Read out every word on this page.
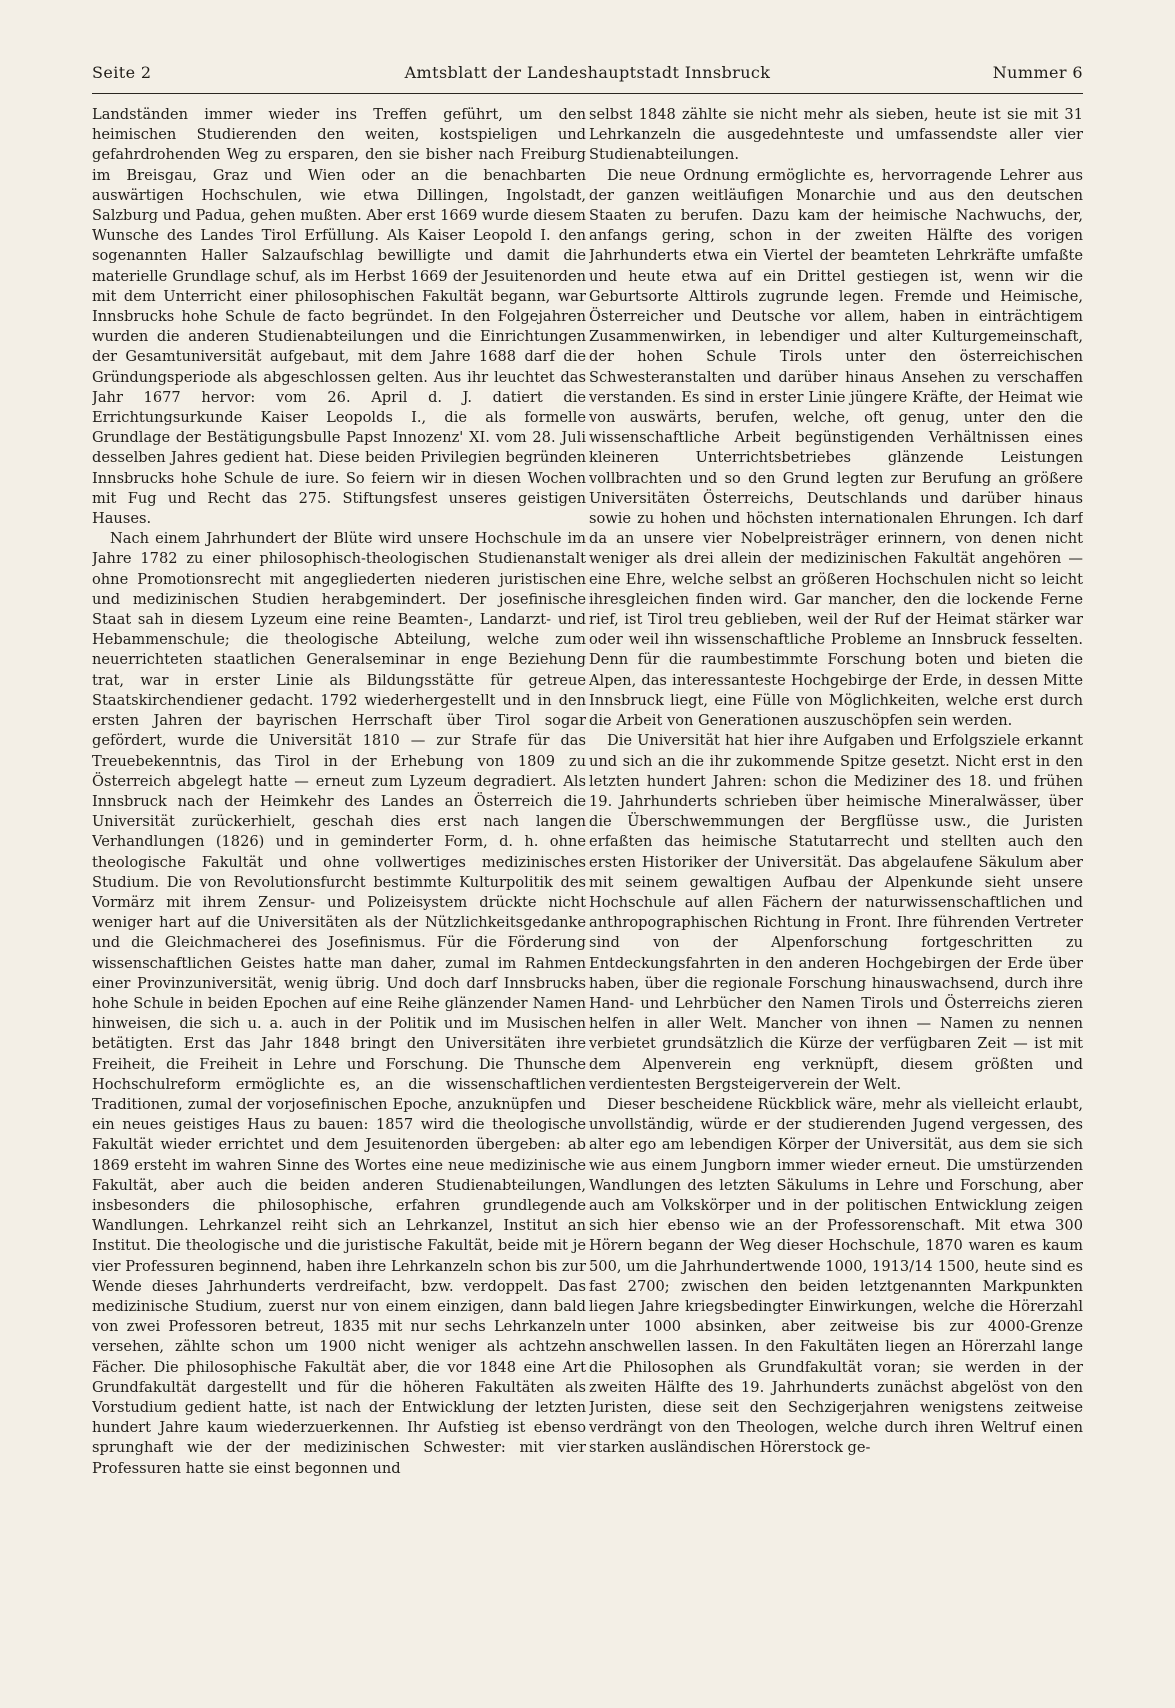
Seite 2	Amtsblatt der Landeshauptstadt Innsbruck	Nummer 6

Landständen immer wieder ins Treffen geführt, um den heimischen Studierenden den weiten, kostspieligen und gefahrdrohenden Weg zu ersparen, den sie bisher nach Freiburg im Breisgau, Graz und Wien oder an die benachbarten auswärtigen Hochschulen, wie etwa Dillingen, Ingolstadt, Salzburg und Padua, gehen mußten. Aber erst 1669 wurde diesem Wunsche des Landes Tirol Erfüllung. Als Kaiser Leopold I. den sogenannten Haller Salzaufschlag bewilligte und damit die materielle Grundlage schuf, als im Herbst 1669 der Jesuitenorden mit dem Unterricht einer philosophischen Fakultät begann, war Innsbrucks hohe Schule de facto begründet. In den Folgejahren wurden die anderen Studienabteilungen und die Einrichtungen der Gesamtuniversität aufgebaut, mit dem Jahre 1688 darf die Gründungsperiode als abgeschlossen gelten. Aus ihr leuchtet das Jahr 1677 hervor: vom 26. April d. J. datiert die Errichtungsurkunde Kaiser Leopolds I., die als formelle Grundlage der Bestätigungsbulle Papst Innozenz' XI. vom 28. Juli desselben Jahres gedient hat. Diese beiden Privilegien begründen Innsbrucks hohe Schule de iure. So feiern wir in diesen Wochen mit Fug und Recht das 275. Stiftungsfest unseres geistigen Hauses.

Nach einem Jahrhundert der Blüte wird unsere Hochschule im Jahre 1782 zu einer philosophisch-theologischen Studienanstalt ohne Promotionsrecht mit angegliederten niederen juristischen und medizinischen Studien herabgemindert. Der josefinische Staat sah in diesem Lyzeum eine reine Beamten-, Landarzt- und Hebammenschule; die theologische Abteilung, welche zum neuerrichteten staatlichen Generalseminar in enge Beziehung trat, war in erster Linie als Bildungsstätte für getreue Staatskirchendiener gedacht. 1792 wiederhergestellt und in den ersten Jahren der bayrischen Herrschaft über Tirol sogar gefördert, wurde die Universität 1810 — zur Strafe für das Treuebekenntnis, das Tirol in der Erhebung von 1809 zu Österreich abgelegt hatte — erneut zum Lyzeum degradiert. Als Innsbruck nach der Heimkehr des Landes an Österreich die Universität zurückerhielt, geschah dies erst nach langen Verhandlungen (1826) und in geminderter Form, d. h. ohne theologische Fakultät und ohne vollwertiges medizinisches Studium. Die von Revolutionsfurcht bestimmte Kulturpolitik des Vormärz mit ihrem Zensur- und Polizeisystem drückte nicht weniger hart auf die Universitäten als der Nützlichkeitsgedanke und die Gleichmacherei des Josefinismus. Für die Förderung wissenschaftlichen Geistes hatte man daher, zumal im Rahmen einer Provinzuniversität, wenig übrig. Und doch darf Innsbrucks hohe Schule in beiden Epochen auf eine Reihe glänzender Namen hinweisen, die sich u. a. auch in der Politik und im Musischen betätigten. Erst das Jahr 1848 bringt den Universitäten ihre Freiheit, die Freiheit in Lehre und Forschung. Die Thunsche Hochschulreform ermöglichte es, an die wissenschaftlichen Traditionen, zumal der vorjosefinischen Epoche, anzuknüpfen und ein neues geistiges Haus zu bauen: 1857 wird die theologische Fakultät wieder errichtet und dem Jesuitenorden übergeben: ab 1869 ersteht im wahren Sinne des Wortes eine neue medizinische Fakultät, aber auch die beiden anderen Studienabteilungen, insbesonders die philosophische, erfahren grundlegende Wandlungen. Lehrkanzel reiht sich an Lehrkanzel, Institut an Institut. Die theologische und die juristische Fakultät, beide mit je vier Professuren beginnend, haben ihre Lehrkanzeln schon bis zur Wende dieses Jahrhunderts verdreifacht, bzw. verdoppelt. Das medizinische Studium, zuerst nur von einem einzigen, dann bald von zwei Professoren betreut, 1835 mit nur sechs Lehrkanzeln versehen, zählte schon um 1900 nicht weniger als achtzehn Fächer. Die philosophische Fakultät aber, die vor 1848 eine Art Grundfakultät dargestellt und für die höheren Fakultäten als Vorstudium gedient hatte, ist nach der Entwicklung der letzten hundert Jahre kaum wiederzuerkennen. Ihr Aufstieg ist ebenso sprunghaft wie der der medizinischen Schwester: mit vier Professuren hatte sie einst begonnen und

selbst 1848 zählte sie nicht mehr als sieben, heute ist sie mit 31 Lehrkanzeln die ausgedehnteste und umfassendste aller vier Studienabteilungen.

Die neue Ordnung ermöglichte es, hervorragende Lehrer aus der ganzen weitläufigen Monarchie und aus den deutschen Staaten zu berufen. Dazu kam der heimische Nachwuchs, der, anfangs gering, schon in der zweiten Hälfte des vorigen Jahrhunderts etwa ein Viertel der beamteten Lehrkräfte umfaßte und heute etwa auf ein Drittel gestiegen ist, wenn wir die Geburtsorte Alttirols zugrunde legen. Fremde und Heimische, Österreicher und Deutsche vor allem, haben in einträchtigem Zusammenwirken, in lebendiger und alter Kulturgemeinschaft, der hohen Schule Tirols unter den österreichischen Schwesteranstalten und darüber hinaus Ansehen zu verschaffen verstanden. Es sind in erster Linie jüngere Kräfte, der Heimat wie von auswärts, berufen, welche, oft genug, unter den die wissenschaftliche Arbeit begünstigenden Verhältnissen eines kleineren Unterrichtsbetriebes glänzende Leistungen vollbrachten und so den Grund legten zur Berufung an größere Universitäten Österreichs, Deutschlands und darüber hinaus sowie zu hohen und höchsten internationalen Ehrungen. Ich darf da an unsere vier Nobelpreisträger erinnern, von denen nicht weniger als drei allein der medizinischen Fakultät angehören — eine Ehre, welche selbst an größeren Hochschulen nicht so leicht ihresgleichen finden wird. Gar mancher, den die lockende Ferne rief, ist Tirol treu geblieben, weil der Ruf der Heimat stärker war oder weil ihn wissenschaftliche Probleme an Innsbruck fesselten. Denn für die raumbestimmte Forschung boten und bieten die Alpen, das interessanteste Hochgebirge der Erde, in dessen Mitte Innsbruck liegt, eine Fülle von Möglichkeiten, welche erst durch die Arbeit von Generationen auszuschöpfen sein werden.

Die Universität hat hier ihre Aufgaben und Erfolgsziele erkannt und sich an die ihr zukommende Spitze gesetzt. Nicht erst in den letzten hundert Jahren: schon die Mediziner des 18. und frühen 19. Jahrhunderts schrieben über heimische Mineralwässer, über die Überschwemmungen der Bergflüsse usw., die Juristen erfaßten das heimische Statutarrecht und stellten auch den ersten Historiker der Universität. Das abgelaufene Säkulum aber mit seinem gewaltigen Aufbau der Alpenkunde sieht unsere Hochschule auf allen Fächern der naturwissenschaftlichen und anthropographischen Richtung in Front. Ihre führenden Vertreter sind von der Alpenforschung fortgeschritten zu Entdeckungsfahrten in den anderen Hochgebirgen der Erde über haben, über die regionale Forschung hinauswachsend, durch ihre Hand- und Lehrbücher den Namen Tirols und Österreichs zieren helfen in aller Welt. Mancher von ihnen — Namen zu nennen verbietet grundsätzlich die Kürze der verfügbaren Zeit — ist mit dem Alpenverein eng verknüpft, diesem größten und verdientesten Bergsteigerverein der Welt.

Dieser bescheidene Rückblick wäre, mehr als vielleicht erlaubt, unvollständig, würde er der studierenden Jugend vergessen, des alter ego am lebendigen Körper der Universität, aus dem sie sich wie aus einem Jungborn immer wieder erneut. Die umstürzenden Wandlungen des letzten Säkulums in Lehre und Forschung, aber auch am Volkskörper und in der politischen Entwicklung zeigen sich hier ebenso wie an der Professorenschaft. Mit etwa 300 Hörern begann der Weg dieser Hochschule, 1870 waren es kaum 500, um die Jahrhundertwende 1000, 1913/14 1500, heute sind es fast 2700; zwischen den beiden letztgenannten Markpunkten liegen Jahre kriegsbedingter Einwirkungen, welche die Hörerzahl unter 1000 absinken, aber zeitweise bis zur 4000-Grenze anschwellen lassen. In den Fakultäten liegen an Hörerzahl lange die Philosophen als Grundfakultät voran; sie werden in der zweiten Hälfte des 19. Jahrhunderts zunächst abgelöst von den Juristen, diese seit den Sechzigerjahren wenigstens zeitweise verdrängt von den Theologen, welche durch ihren Weltruf einen starken ausländischen Hörerstock ge-
